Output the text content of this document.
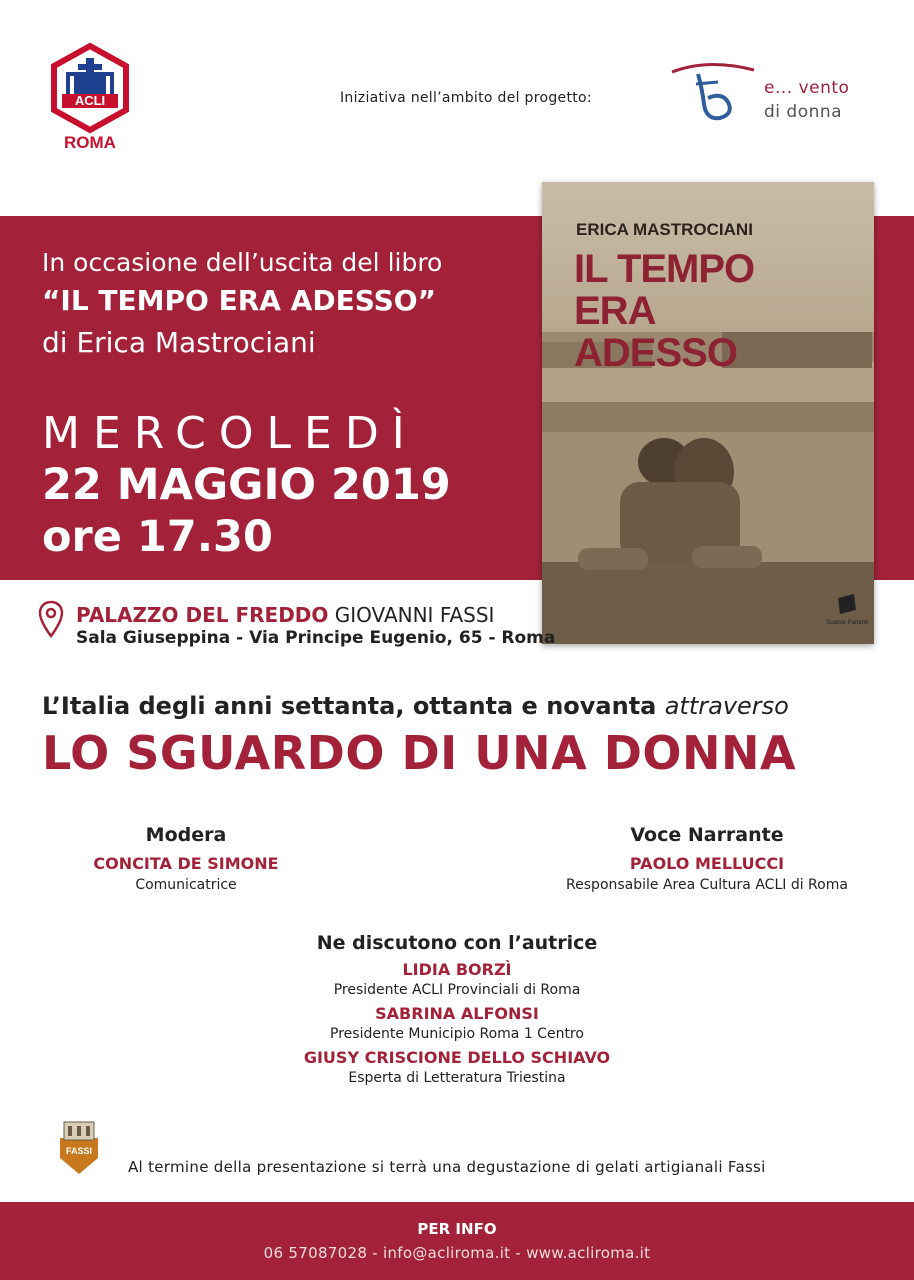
ACLI
ROMA
Iniziativa nell’ambito del progetto:	e... vento
di donna
In occasione dell’uscita del libro
“IL TEMPO ERA ADESSO”
di Erica Mastrociani
MERCOLEDÌ
22 MAGGIO 2019
ore 17.30
ERICA MASTROCIANI
IL TEMPO
ERA ADESSO
Scatole Parlanti
PALAZZO DEL FREDDO GIOVANNI FASSI
Sala Giuseppina - Via Principe Eugenio, 65 - Roma
L’Italia degli anni settanta, ottanta e novanta attraverso
LO SGUARDO DI UNA DONNA
Modera
CONCITA DE SIMONE
Comunicatrice
Voce Narrante
PAOLO MELLUCCI
Responsabile Area Cultura ACLI di Roma
Ne discutono con l’autrice
LIDIA BORZÌ
Presidente ACLI Provinciali di Roma
SABRINA ALFONSI
Presidente Municipio Roma 1 Centro
GIUSY CRISCIONE DELLO SCHIAVO
Esperta di Letteratura Triestina
FASSI
Al termine della presentazione si terrà una degustazione di gelati artigianali Fassi
PER INFO
06 57087028 - info@acliroma.it - www.acliroma.it
